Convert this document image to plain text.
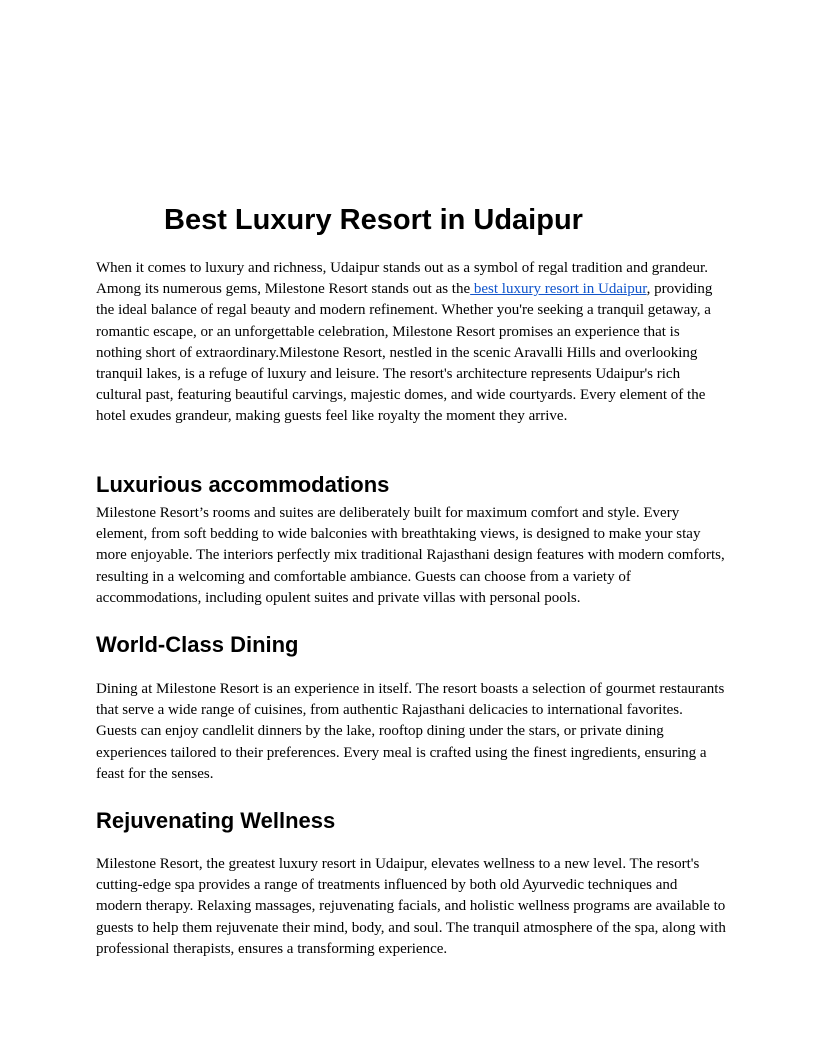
Best Luxury Resort in Udaipur

When it comes to luxury and richness, Udaipur stands out as a symbol of regal tradition and grandeur. Among its numerous gems, Milestone Resort stands out as the best luxury resort in Udaipur, providing the ideal balance of regal beauty and modern refinement. Whether you're seeking a tranquil getaway, a romantic escape, or an unforgettable celebration, Milestone Resort promises an experience that is nothing short of extraordinary.Milestone Resort, nestled in the scenic Aravalli Hills and overlooking tranquil lakes, is a refuge of luxury and leisure. The resort's architecture represents Udaipur's rich cultural past, featuring beautiful carvings, majestic domes, and wide courtyards. Every element of the hotel exudes grandeur, making guests feel like royalty the moment they arrive.

Luxurious accommodations

Milestone Resort’s rooms and suites are deliberately built for maximum comfort and style. Every element, from soft bedding to wide balconies with breathtaking views, is designed to make your stay more enjoyable. The interiors perfectly mix traditional Rajasthani design features with modern comforts, resulting in a welcoming and comfortable ambiance. Guests can choose from a variety of accommodations, including opulent suites and private villas with personal pools.

World-Class Dining

Dining at Milestone Resort is an experience in itself. The resort boasts a selection of gourmet restaurants that serve a wide range of cuisines, from authentic Rajasthani delicacies to international favorites. Guests can enjoy candlelit dinners by the lake, rooftop dining under the stars, or private dining experiences tailored to their preferences. Every meal is crafted using the finest ingredients, ensuring a feast for the senses.

Rejuvenating Wellness

Milestone Resort, the greatest luxury resort in Udaipur, elevates wellness to a new level. The resort's cutting-edge spa provides a range of treatments influenced by both old Ayurvedic techniques and modern therapy. Relaxing massages, rejuvenating facials, and holistic wellness programs are available to guests to help them rejuvenate their mind, body, and soul. The tranquil atmosphere of the spa, along with professional therapists, ensures a transforming experience.
